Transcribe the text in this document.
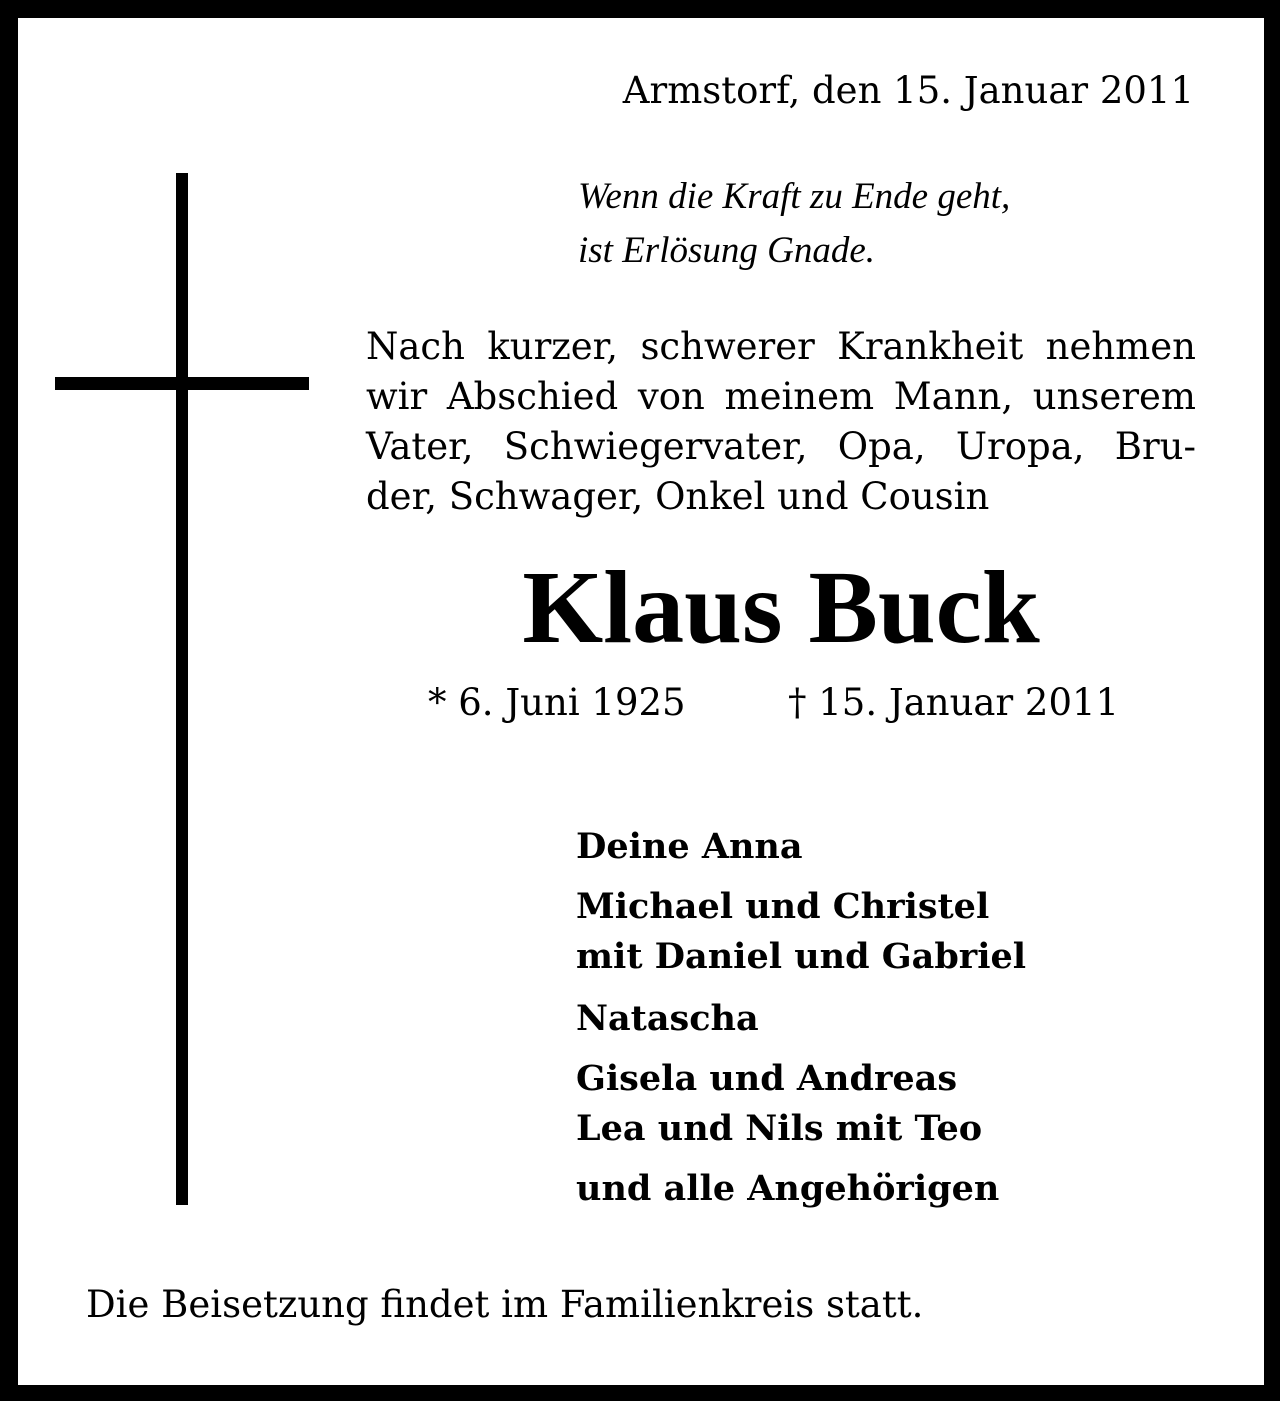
Armstorf, den 15. Januar 2011
Wenn die Kraft zu Ende geht,
ist Erlösung Gnade.
Nach kurzer, schwerer Krankheit nehmen
wir Abschied von meinem Mann, unserem
Vater, Schwiegervater, Opa, Uropa, Bru-
der, Schwager, Onkel und Cousin
Klaus Buck
* 6. Juni 1925	† 15. Januar 2011
Deine Anna
Michael und Christel
mit Daniel und Gabriel
Natascha
Gisela und Andreas
Lea und Nils mit Teo
und alle Angehörigen
Die Beisetzung findet im Familienkreis statt.
